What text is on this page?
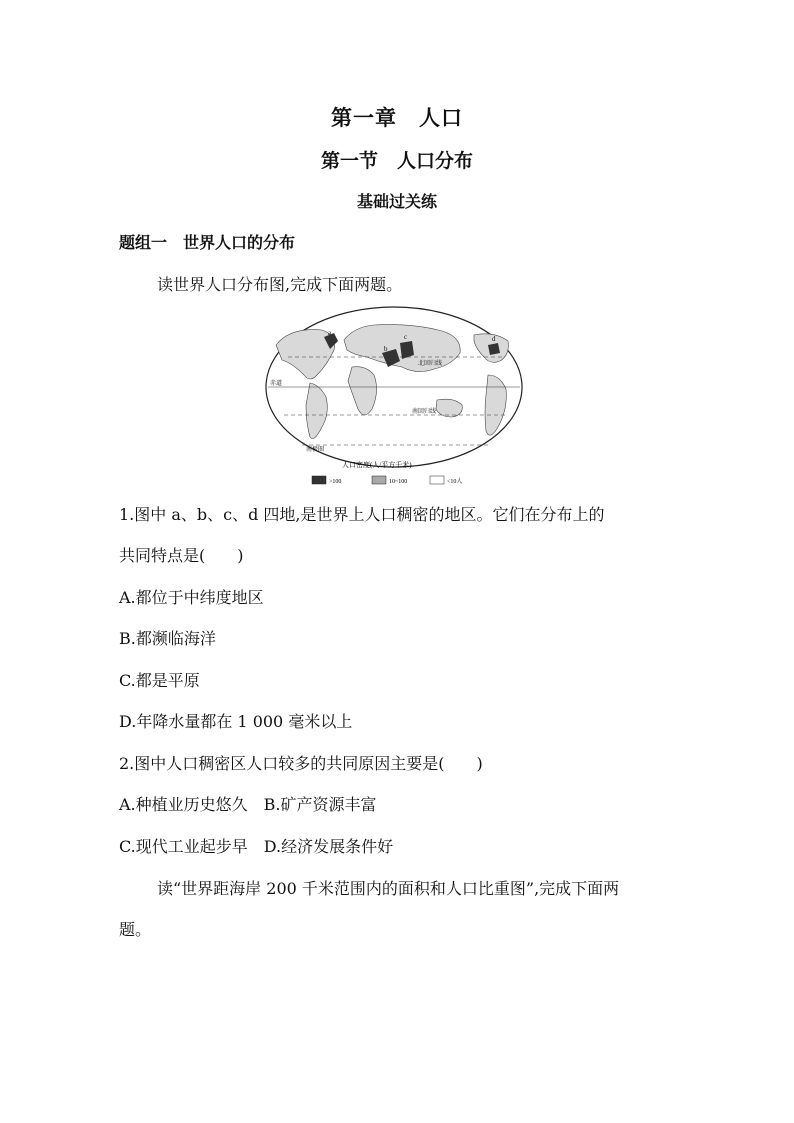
第一章　人口
第一节　人口分布
基础过关练
题组一　世界人口的分布
读世界人口分布图,完成下面两题。
a
b
c	d
北回归线
赤道
南回归线
南极圈
人口密度(人/平方千米)
>100	10~100	<10人
1.图中 a、b、c、d 四地,是世界上人口稠密的地区。它们在分布上的
共同特点是(　　)
A.都位于中纬度地区
B.都濒临海洋
C.都是平原
D.年降水量都在 1 000 毫米以上
2.图中人口稠密区人口较多的共同原因主要是(　　)
A.种植业历史悠久　B.矿产资源丰富
C.现代工业起步早　D.经济发展条件好
读“世界距海岸 200 千米范围内的面积和人口比重图”,完成下面两
题。
